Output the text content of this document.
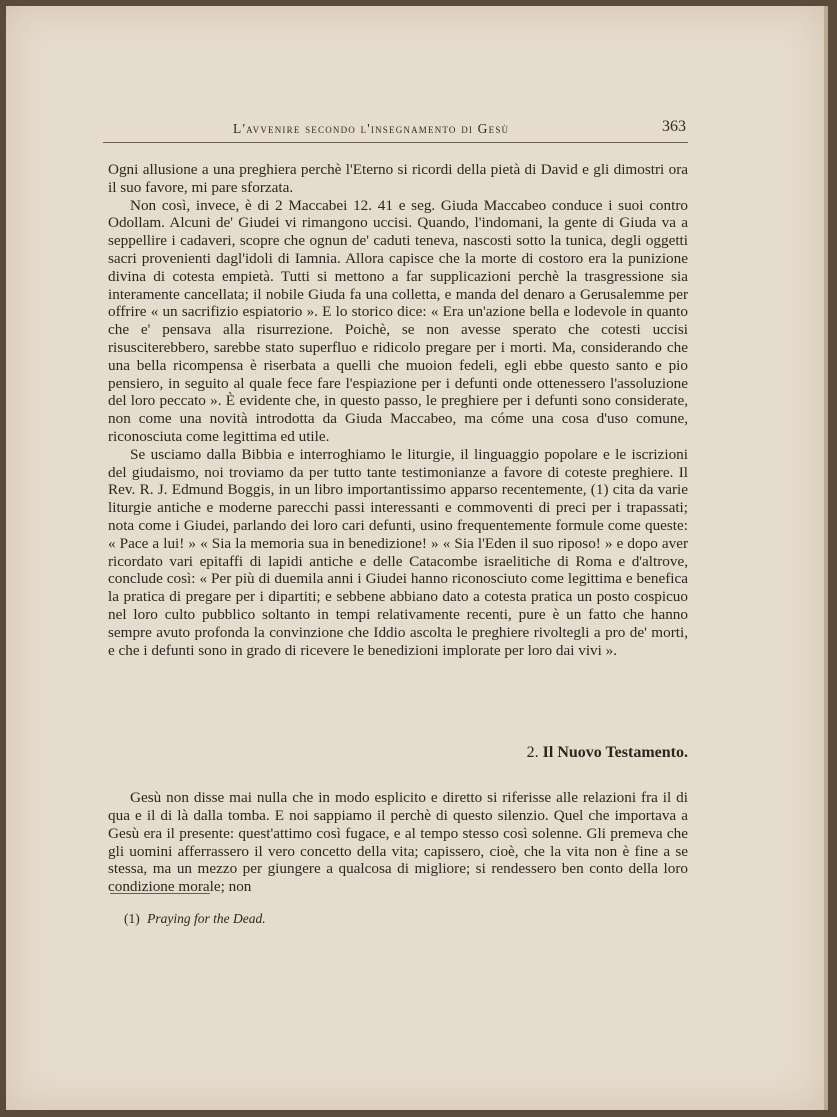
L'avvenire secondo l'insegnamento di Gesù	363

Ogni allusione a una preghiera perchè l'Eterno si ricordi della pietà di David e gli dimostri ora il suo favore, mi pare sforzata.

Non così, invece, è di 2 Maccabei 12. 41 e seg. Giuda Maccabeo conduce i suoi contro Odollam. Alcuni de' Giudei vi rimangono uccisi. Quando, l'indomani, la gente di Giuda va a seppellire i cadaveri, scopre che ognun de' caduti teneva, nascosti sotto la tunica, degli oggetti sacri provenienti dagl'idoli di Iamnia. Allora capisce che la morte di costoro era la punizione divina di cotesta empietà. Tutti si mettono a far supplicazioni perchè la trasgressione sia interamente cancellata; il nobile Giuda fa una colletta, e manda del denaro a Gerusalemme per offrire « un sacrifizio espiatorio ». E lo storico dice: « Era un'azione bella e lodevole in quanto che e' pensava alla risurrezione. Poichè, se non avesse sperato che cotesti uccisi risusciterebbero, sarebbe stato superfluo e ridicolo pregare per i morti. Ma, considerando che una bella ricompensa è riserbata a quelli che muoion fedeli, egli ebbe questo santo e pio pensiero, in seguito al quale fece fare l'espiazione per i defunti onde ottenessero l'assoluzione del loro peccato ». È evidente che, in questo passo, le preghiere per i defunti sono considerate, non come una novità introdotta da Giuda Maccabeo, ma cóme una cosa d'uso comune, riconosciuta come legittima ed utile.

Se usciamo dalla Bibbia e interroghiamo le liturgie, il linguaggio popolare e le iscrizioni del giudaismo, noi troviamo da per tutto tante testimonianze a favore di coteste preghiere. Il Rev. R. J. Edmund Boggis, in un libro importantissimo apparso recentemente, (1) cita da varie liturgie antiche e moderne parecchi passi interessanti e commoventi di preci per i trapassati; nota come i Giudei, parlando dei loro cari defunti, usino frequentemente formule come queste: « Pace a lui! » « Sia la memoria sua in benedizione! » « Sia l'Eden il suo riposo! » e dopo aver ricordato vari epitaffi di lapidi antiche e delle Catacombe israelitiche di Roma e d'altrove, conclude così: « Per più di duemila anni i Giudei hanno riconosciuto come legittima e benefica la pratica di pregare per i dipartiti; e sebbene abbiano dato a cotesta pratica un posto cospicuo nel loro culto pubblico soltanto in tempi relativamente recenti, pure è un fatto che hanno sempre avuto profonda la convinzione che Iddio ascolta le preghiere rivoltegli a pro de' morti, e che i defunti sono in grado di ricevere le benedizioni implorate per loro dai vivi ».

2. Il Nuovo Testamento.

Gesù non disse mai nulla che in modo esplicito e diretto si riferisse alle relazioni fra il di qua e il di là dalla tomba. E noi sappiamo il perchè di questo silenzio. Quel che importava a Gesù era il presente: quest'attimo così fugace, e al tempo stesso così solenne. Gli premeva che gli uomini afferrassero il vero concetto della vita; capissero, cioè, che la vita non è fine a se stessa, ma un mezzo per giungere a qualcosa di migliore; si rendessero ben conto della loro condizione morale; non

(1) Praying for the Dead.
